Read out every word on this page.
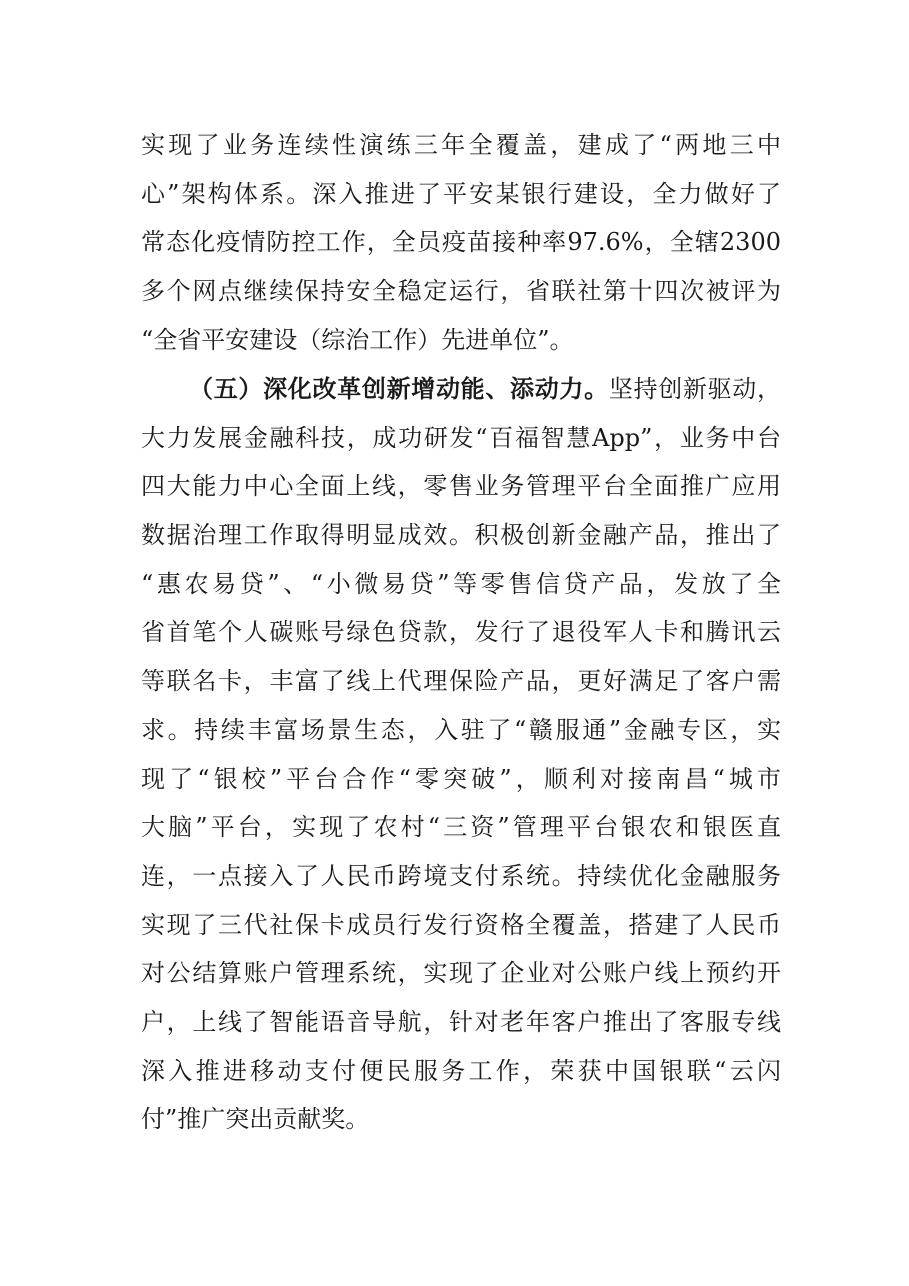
实现了业务连续性演练三年全覆盖，建成了“两地三中
心”架构体系。深入推进了平安某银行建设，全力做好了
常态化疫情防控工作，全员疫苗接种率97.6%，全辖2300
多个网点继续保持安全稳定运行，省联社第十四次被评为
“全省平安建设（综治工作）先进单位”。
（五）深化改革创新增动能、添动力。坚持创新驱动，
大力发展金融科技，成功研发“百福智慧App”，业务中台
四大能力中心全面上线，零售业务管理平台全面推广应用
数据治理工作取得明显成效。积极创新金融产品，推出了
“惠农易贷”、“小微易贷”等零售信贷产品，发放了全
省首笔个人碳账号绿色贷款，发行了退役军人卡和腾讯云
等联名卡，丰富了线上代理保险产品，更好满足了客户需
求。持续丰富场景生态，入驻了“赣服通”金融专区，实
现了“银校”平台合作“零突破”，顺利对接南昌“城市
大脑”平台，实现了农村“三资”管理平台银农和银医直
连，一点接入了人民币跨境支付系统。持续优化金融服务
实现了三代社保卡成员行发行资格全覆盖，搭建了人民币
对公结算账户管理系统，实现了企业对公账户线上预约开
户，上线了智能语音导航，针对老年客户推出了客服专线
深入推进移动支付便民服务工作，荣获中国银联“云闪
付”推广突出贡献奖。
